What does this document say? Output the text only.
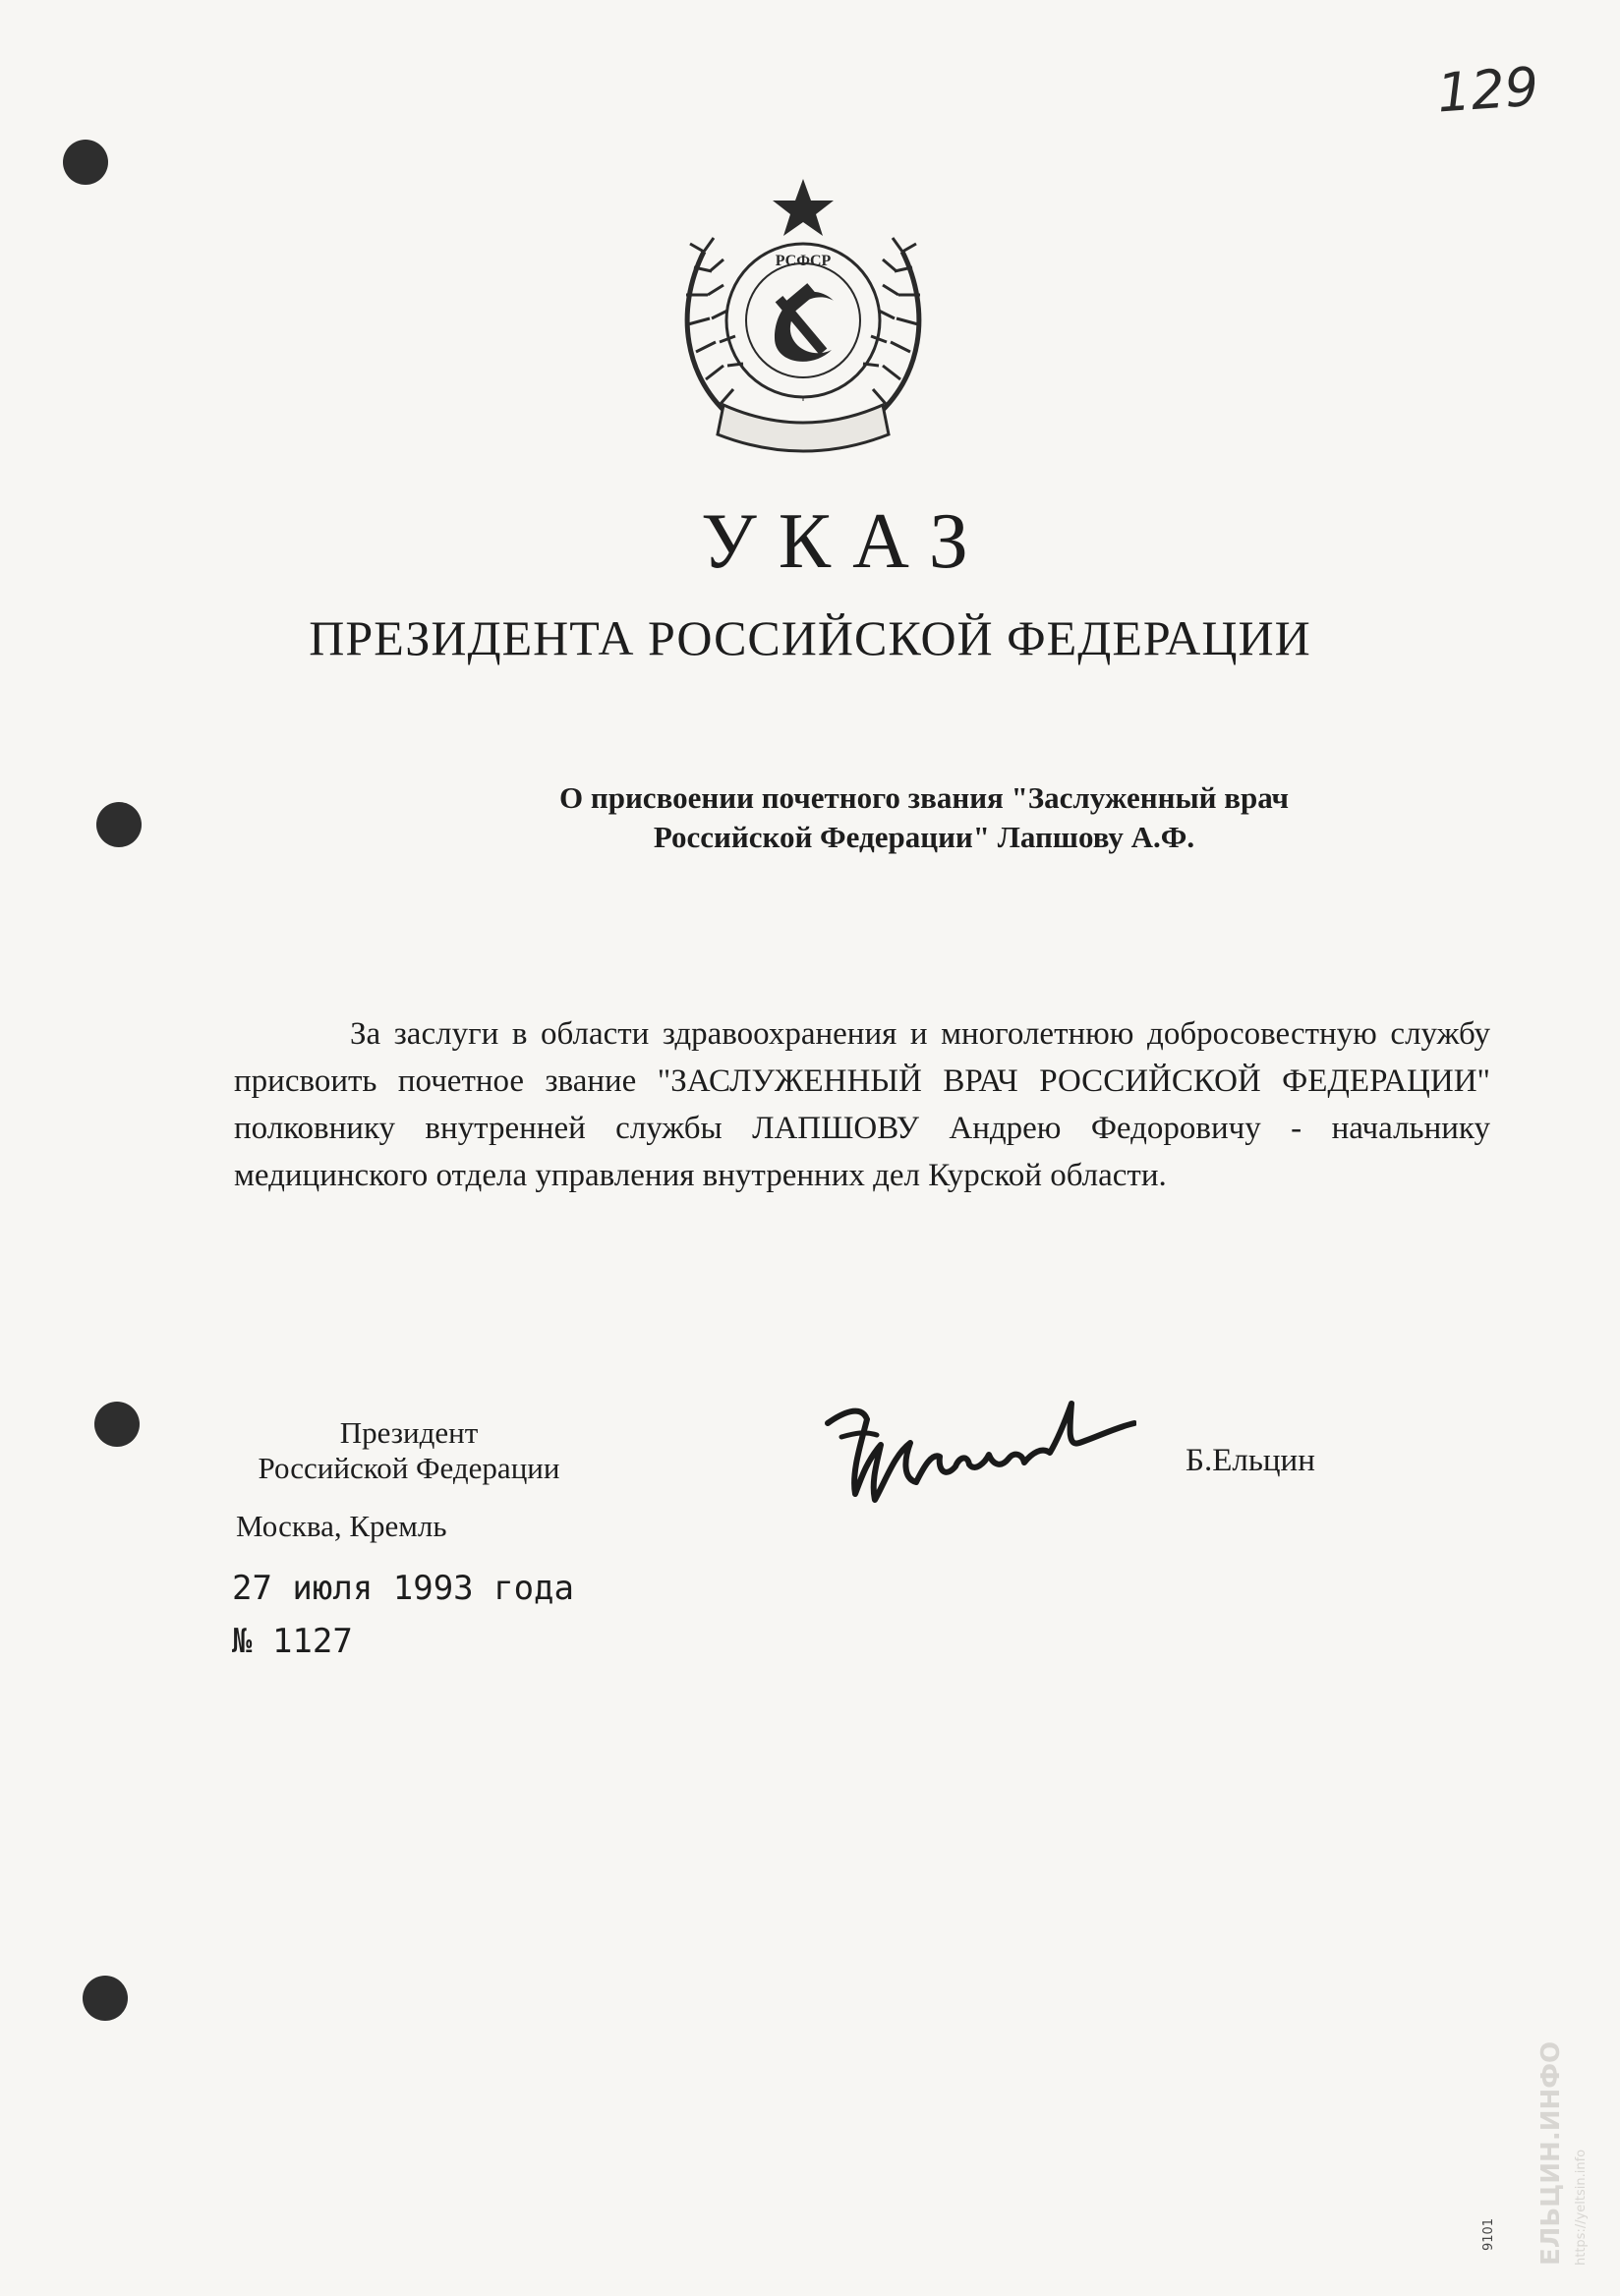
129
РСФСР
УКАЗ
ПРЕЗИДЕНТА РОССИЙСКОЙ ФЕДЕРАЦИИ
О присвоении почетного звания "Заслуженный врач
Российской Федерации" Лапшову А.Ф.

За заслуги в области здравоохранения и многолетнюю добросовестную службу присвоить почетное звание "ЗАСЛУЖЕННЫЙ ВРАЧ РОССИЙСКОЙ ФЕДЕРАЦИИ" полковнику внутренней службы ЛАПШОВУ Андрею Федоровичу - начальнику медицинского отдела управления внутренних дел Курской области.

Президент
Российской Федерации	Б.Ельцин
Москва, Кремль
27 июля 1993 года
№ 1127
ЕЛЬЦИН.ИНФО https://yeltsin.info
9101
